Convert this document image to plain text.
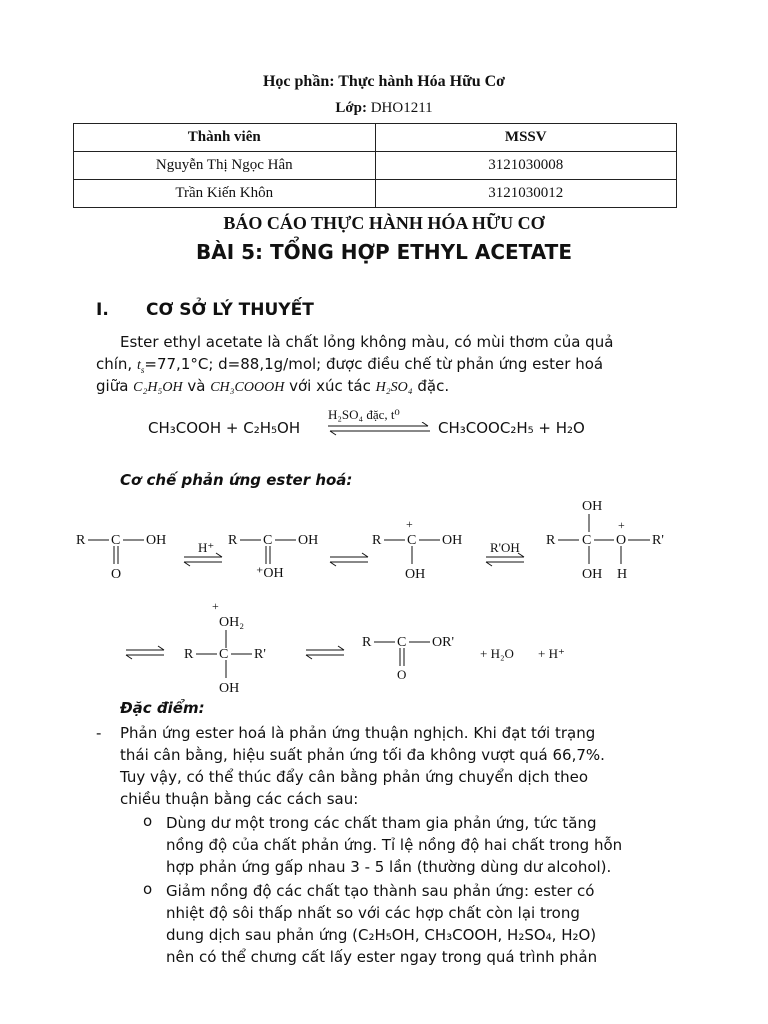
Học phần: Thực hành Hóa Hữu Cơ
Lớp: DHO1211
Thành viên	MSSV
Nguyễn Thị Ngọc Hân	3121030008
Trần Kiến Khôn	3121030012
BÁO CÁO THỰC HÀNH HÓA HỮU CƠ
BÀI 5: TỔNG HỢP ETHYL ACETATE
I. CƠ SỞ LÝ THUYẾT
Ester ethyl acetate là chất lỏng không màu, có mùi thơm của quả
chín, $t_s=77,1^\circ C$; d=88,1g/mol; được điều chế từ phản ứng ester hoá
giữa C₂H₅OH và CH₃COOOH với xúc tác H₂SO₄ đặc.
CH₃COOH + C₂H₅OH
H₂SO₄ đặc, t⁰
CH₃COOC₂H₅ + H₂O
Cơ chế phản ứng ester hoá:
R C OH
O
H⁺ R C OH
⁺OH
+
R C OH
OH
R'OH
OH
R C
+
O R'
OH H
+
OH₂
R C R'
OH
R C OR'
O
+ H₂O + H⁺
Đặc điểm:
- Phản ứng ester hoá là phản ứng thuận nghịch. Khi đạt tới trạng
thái cân bằng, hiệu suất phản ứng tối đa không vượt quá 66,7%.
Tuy vậy, có thể thúc đẩy cân bằng phản ứng chuyển dịch theo
chiều thuận bằng các cách sau:
o Dùng dư một trong các chất tham gia phản ứng, tức tăng
nồng độ của chất phản ứng. Tỉ lệ nồng độ hai chất trong hỗn
hợp phản ứng gấp nhau 3 - 5 lần (thường dùng dư alcohol).
o Giảm nồng độ các chất tạo thành sau phản ứng: ester có
nhiệt độ sôi thấp nhất so với các hợp chất còn lại trong
dung dịch sau phản ứng (C₂H₅OH, CH₃COOH, H₂SO₄, H₂O)
nên có thể chưng cất lấy ester ngay trong quá trình phản
